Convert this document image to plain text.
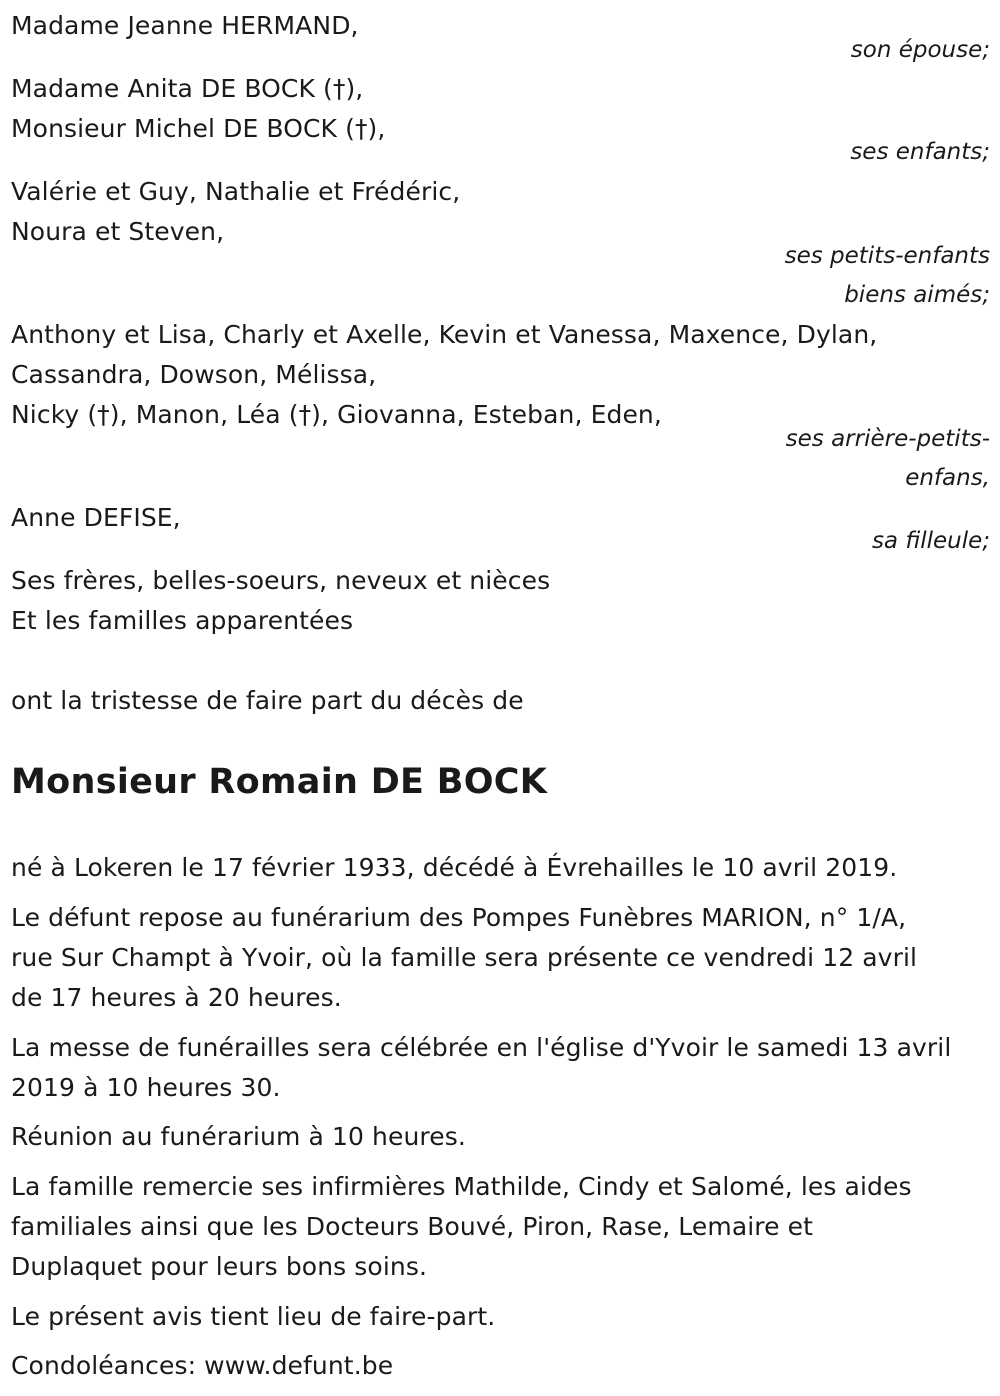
Madame Jeanne HERMAND,
son épouse;
Madame Anita DE BOCK (†),
Monsieur Michel DE BOCK (†),
ses enfants;
Valérie et Guy, Nathalie et Frédéric,
Noura et Steven,
ses petits-enfants
biens aimés;
Anthony et Lisa, Charly et Axelle, Kevin et Vanessa, Maxence, Dylan,
Cassandra, Dowson, Mélissa,
Nicky (†), Manon, Léa (†), Giovanna, Esteban, Eden,
ses arrière-petits-
enfans,
Anne DEFISE,
sa filleule;
Ses frères, belles-soeurs, neveux et nièces
Et les familles apparentées
ont la tristesse de faire part du décès de
Monsieur Romain DE BOCK
né à Lokeren le 17 février 1933, décédé à Évrehailles le 10 avril 2019.
Le défunt repose au funérarium des Pompes Funèbres MARION, n° 1/A,
rue Sur Champt à Yvoir, où la famille sera présente ce vendredi 12 avril
de 17 heures à 20 heures.
La messe de funérailles sera célébrée en l'église d'Yvoir le samedi 13 avril
2019 à 10 heures 30.
Réunion au funérarium à 10 heures.
La famille remercie ses infirmières Mathilde, Cindy et Salomé, les aides
familiales ainsi que les Docteurs Bouvé, Piron, Rase, Lemaire et
Duplaquet pour leurs bons soins.
Le présent avis tient lieu de faire-part.
Condoléances: www.defunt.be
